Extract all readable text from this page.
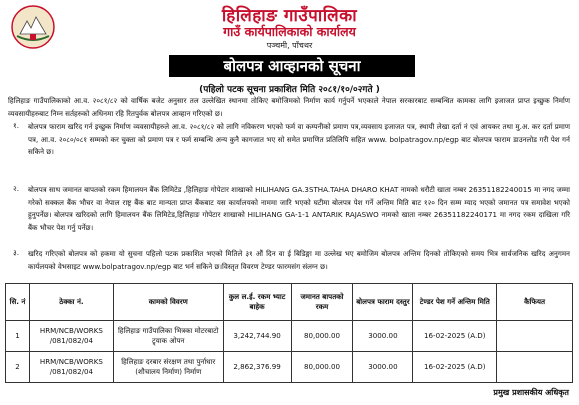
हिलिहाङ गाउँपालिका
गाउँ कार्यपालिकाको कार्यालय
पञ्चमी, पाँचथर
बोलपत्र आव्हानको सूचना
(पहिलो पटक सूचना प्रकाशित मिति २०८१/१०/०२गते )
हिलिहाङ गाउँपालिकाको आ.व. २०८१/८२ को वार्षिक बजेट अनुसार तल उल्लेखित स्थानमा तोकिए बमोजिमको निर्माण कार्य गर्नुपर्ने भएकाले नेपाल सरकारबाट सम्बन्धित कामका लागि इजाजत प्राप्त इच्छुक निर्माण व्यवसायीहरुबाट निम्न सर्तहरुको अधिनमा रहि रितपुर्वक बोलपत्र आव्हान गरिएको छ।
१. बोलपत्र फाराम खरिद गर्न इच्छुक निर्माण व्यवसायीहरुले आ.व. २०८१/८२ को लागि नविकरण भएको फर्म वा कम्पनीको प्रमाण पत्र,व्यवसाय इजाजत पत्र, स्थायी लेखा दर्ता नं एवं आयकर तथा मु.अ. कर दर्ता प्रमाण पत्र, आ.व. २०८०/०८१ सम्मको कर चुक्ता को प्रमाण पत्र र फर्म सम्बन्धि अन्य कुनै कागजात भए सो समेत प्रमाणित प्रतिलिपि सहित www. bolpatragov.np/egp बाट बोलपत्र फाराम डाउनलोड गरी पेश गर्न सकिने छ।
२. बोलपत्र साथ जमानत बापतको रकम हिमालयन बैंक लिमिटेड ,हिलिहाङ गोपेटार शाखाको HILIHANG GA.3STHA.TAHA DHARO KHAT नामको धरौटी खाता नम्बर 26351182240015 मा नगद जम्मा गरेको सक्कल बैंक भौचर वा नेपाल राष्ट्र बैंक बाट मान्यता प्राप्त बैंकबाट यस कार्यालयको नाममा जारि भएको घटीमा बोलपत्र पेश गर्ने अन्तिम मिति बाट १२० दिन सम्म म्याद भएको जमानत पत्र समावेश भएको हुनुपर्नेछ। बोलपत्र खरिदको लागि हिमालयन बैंक लिमिटेड,हिलिहाङ गोपेटार शाखाको HILIHANG GA-1-1 ANTARIK RAJASWO नामको खाता नम्बर 26351182240171 मा नगद रकम दाखिला गरि बैंक भौचर पेश गर्नु पर्नेछ।
३. खरिद गरिएको बोलपत्र को हकमा यो सुचना पहिलो पटक प्रकाशित भएको मितिले ३१ औं दिन वा ई बिडिङ्गा मा उल्लेख भए बमोजिम बोलपत्र अन्तिम दिनको तोकिएको समय भित्र सार्वजनिक खरिद अनुगमन कार्यलयको वेभसाइट www.bolpatragov.np/egp बाट भर्न सकिने छ।विस्तृत विवरण टेण्डर फारमसंग संलग्न छ।
सि. नं	ठेक्का नं.	कामको विवरण	कुल ल.ई. रकम भ्याट बाहेक	जमानत बापतको रकम	बोलपत्र फाराम दस्तुर	टेण्डर पेश गर्ने अन्तिम मिति	कैफियत
1	HRM/NCB/WORKS /081/082/04	हिलिहाङ गाउँपालिका भित्रका मोटरबाटो ट्र्याक ओपन	3,242,744.90	80,000.00	3000.00	16-02-2025 (A.D)	
2	HRM/NCB/WORKS /081/082/04	हिलिहाङ दरबार संरक्षण तथा पुर्नाधार (शौचालय निर्माण) निर्माण	2,862,376.99	80,000.00	3000.00	16-02-2025 (A.D)	
प्रमुख प्रशासकीय अधिकृत
